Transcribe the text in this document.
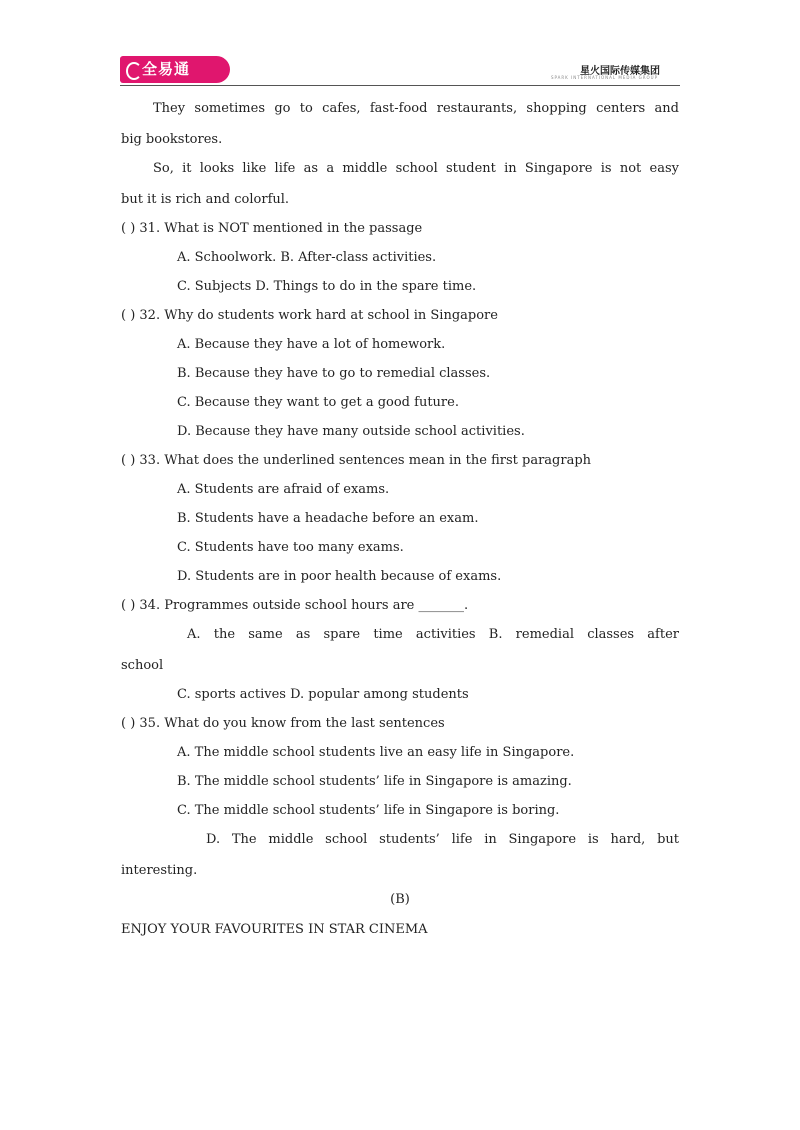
全易通	星火国际传媒集团
SPARK INTERNATIONAL MEDIA GROUP
They sometimes go to cafes, fast-food restaurants, shopping centers and
big bookstores.
So, it looks like life as a middle school student in Singapore is not easy
but it is rich and colorful.
( ) 31. What is NOT mentioned in the passage
A. Schoolwork. B. After-class activities.
C. Subjects D. Things to do in the spare time.
( ) 32. Why do students work hard at school in Singapore
A. Because they have a lot of homework.
B. Because they have to go to remedial classes.
C. Because they want to get a good future.
D. Because they have many outside school activities.
( ) 33. What does the underlined sentences mean in the first paragraph
A. Students are afraid of exams.
B. Students have a headache before an exam.
C. Students have too many exams.
D. Students are in poor health because of exams.
( ) 34. Programmes outside school hours are _______.
A. the same as spare time activities B. remedial classes after
school
C. sports actives D. popular among students
( ) 35. What do you know from the last sentences
A. The middle school students live an easy life in Singapore.
B. The middle school students’ life in Singapore is amazing.
C. The middle school students’ life in Singapore is boring.
D. The middle school students’ life in Singapore is hard, but
interesting.
(B)
ENJOY YOUR FAVOURITES IN STAR CINEMA
